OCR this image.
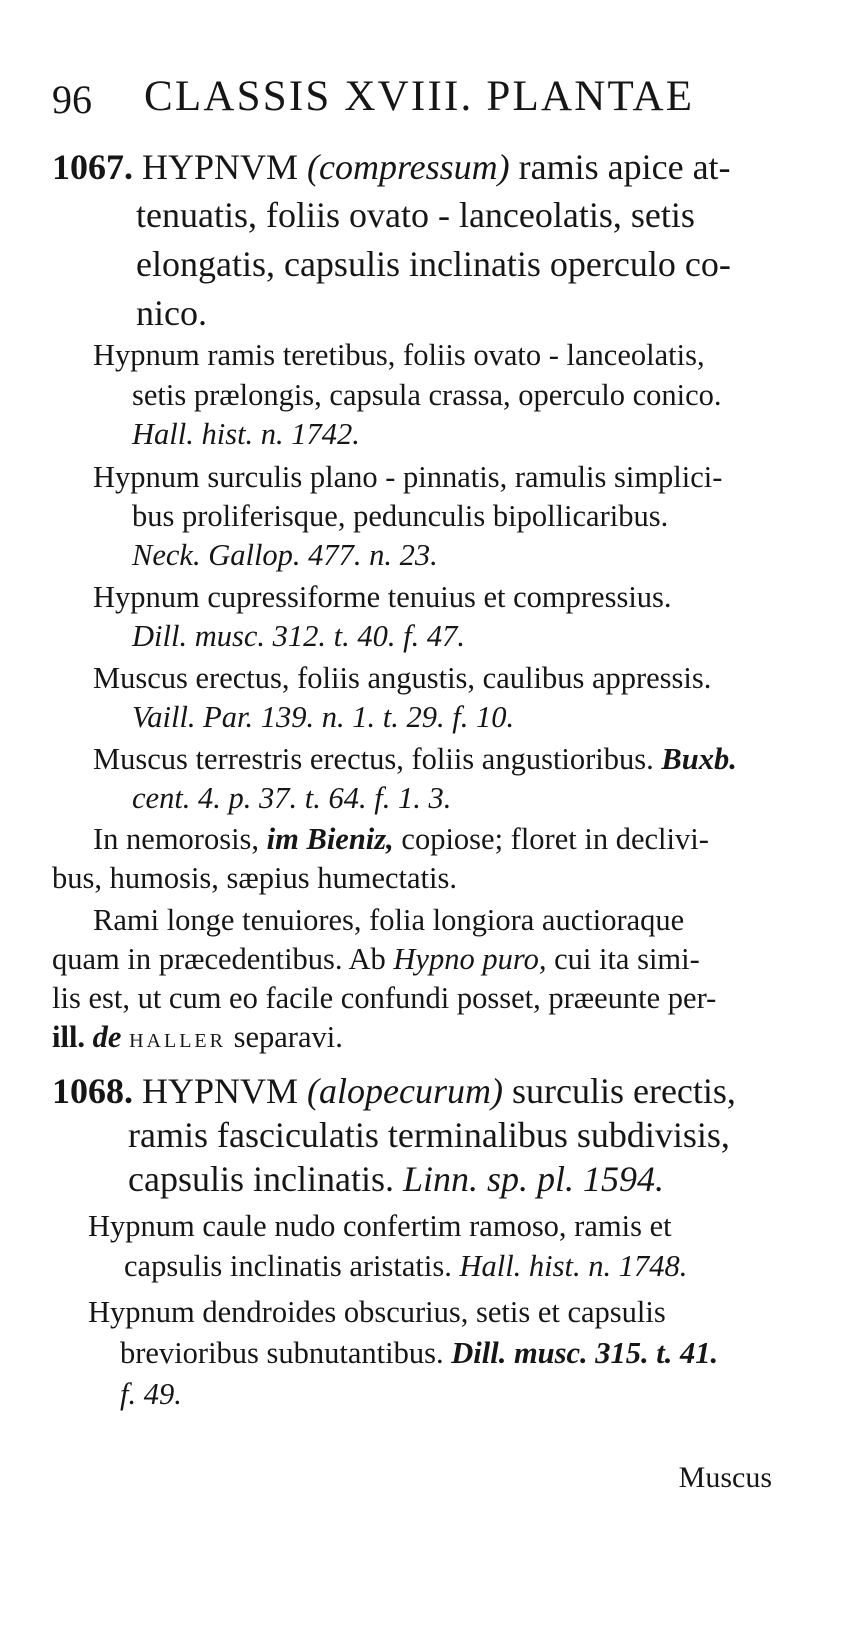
96 CLASSIS XVIII. PLANTAE
1067. HYPNVM (compressum) ramis apice at-
tenuatis, foliis ovato - lanceolatis, setis
elongatis, capsulis inclinatis operculo co-
nico.
Hypnum ramis teretibus, foliis ovato - lanceolatis,
setis prælongis, capsula crassa, operculo conico.
Hall. hist. n. 1742.
Hypnum surculis plano - pinnatis, ramulis simplici-
bus proliferisque, pedunculis bipollicaribus.
Neck. Gallop. 477. n. 23.
Hypnum cupressiforme tenuius et compressius.
Dill. musc. 312. t. 40. f. 47.
Muscus erectus, foliis angustis, caulibus appressis.
Vaill. Par. 139. n. 1. t. 29. f. 10.
Muscus terrestris erectus, foliis angustioribus. Buxb.
cent. 4. p. 37. t. 64. f. 1. 3.
In nemorosis, im Bieniz, copiose; floret in declivi-
bus, humosis, sæpius humectatis.
Rami longe tenuiores, folia longiora auctioraque
quam in præcedentibus. Ab Hypno puro, cui ita simi-
lis est, ut cum eo facile confundi posset, præeunte per-
ill. de HALLER separavi.
1068. HYPNVM (alopecurum) surculis erectis,
ramis fasciculatis terminalibus subdivisis,
capsulis inclinatis. Linn. sp. pl. 1594.
Hypnum caule nudo confertim ramoso, ramis et
capsulis inclinatis aristatis. Hall. hist. n. 1748.
Hypnum dendroides obscurius, setis et capsulis
brevioribus subnutantibus. Dill. musc. 315. t. 41.
f. 49.
Muscus
